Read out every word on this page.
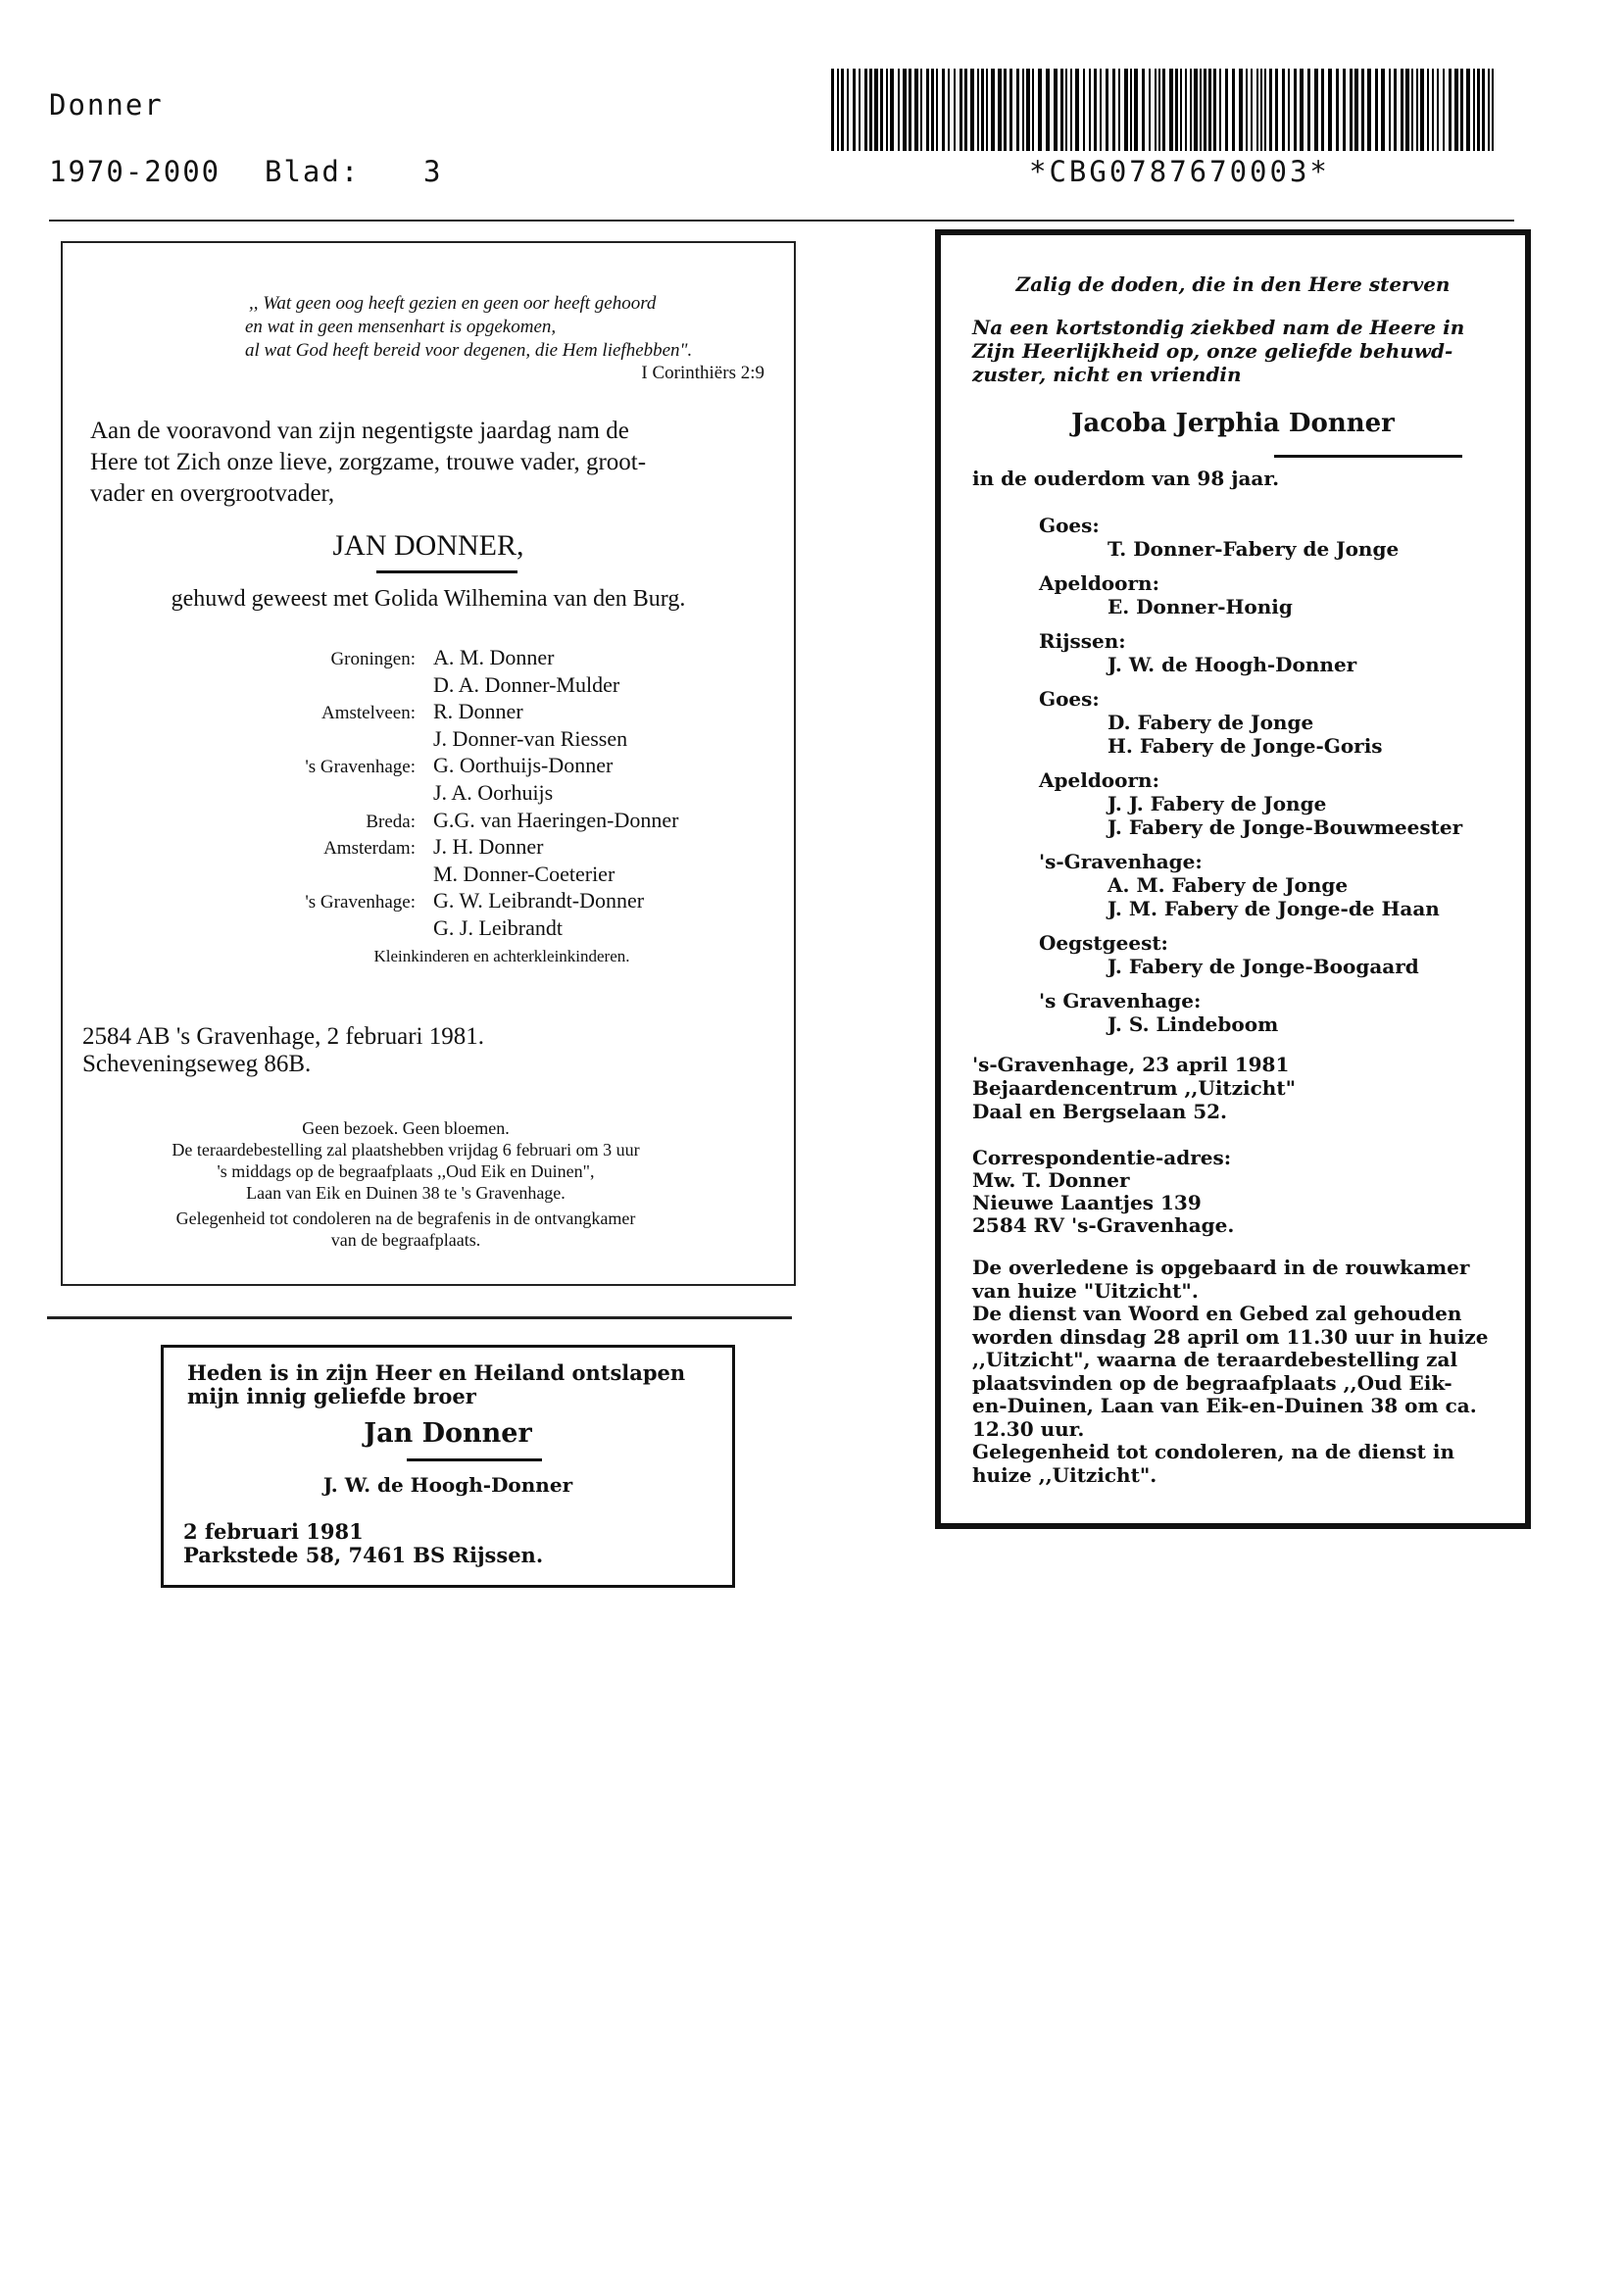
Donner
1970-2000 Blad: 3	*CBG0787670003*
,, Wat geen oog heeft gezien en geen oor heeft gehoord
en wat in geen mensenhart is opgekomen,
al wat God heeft bereid voor degenen, die Hem liefhebben".
I Corinthiërs 2:9
Aan de vooravond van zijn negentigste jaardag nam de
Here tot Zich onze lieve, zorgzame, trouwe vader, groot-
vader en overgrootvader,
JAN DONNER,
gehuwd geweest met Golida Wilhemina van den Burg.
Groningen: A. M. Donner
D. A. Donner-Mulder
Amstelveen: R. Donner
J. Donner-van Riessen
's Gravenhage: G. Oorthuijs-Donner
J. A. Oorhuijs
Breda: G.G. van Haeringen-Donner
Amsterdam: J. H. Donner
M. Donner-Coeterier
's Gravenhage: G. W. Leibrandt-Donner
G. J. Leibrandt
Kleinkinderen en achterkleinkinderen.
2584 AB 's Gravenhage, 2 februari 1981.
Scheveningseweg 86B.
Geen bezoek. Geen bloemen.
De teraardebestelling zal plaatshebben vrijdag 6 februari om 3 uur
's middags op de begraafplaats ,,Oud Eik en Duinen",
Laan van Eik en Duinen 38 te 's Gravenhage.
Gelegenheid tot condoleren na de begrafenis in de ontvangkamer
van de begraafplaats.
Heden is in zijn Heer en Heiland ontslapen
mijn innig geliefde broer
Jan Donner
J. W. de Hoogh-Donner
2 februari 1981
Parkstede 58, 7461 BS Rijssen.
Zalig de doden, die in den Here sterven
Na een kortstondig ziekbed nam de Heere in
Zijn Heerlijkheid op, onze geliefde behuwd-
zuster, nicht en vriendin
Jacoba Jerphia Donner
in de ouderdom van 98 jaar.
Goes:
T. Donner-Fabery de Jonge
Apeldoorn:
E. Donner-Honig
Rijssen:
J. W. de Hoogh-Donner
Goes:
D. Fabery de Jonge
H. Fabery de Jonge-Goris
Apeldoorn:
J. J. Fabery de Jonge
J. Fabery de Jonge-Bouwmeester
's-Gravenhage:
A. M. Fabery de Jonge
J. M. Fabery de Jonge-de Haan
Oegstgeest:
J. Fabery de Jonge-Boogaard
's Gravenhage:
J. S. Lindeboom
's-Gravenhage, 23 april 1981
Bejaardencentrum ,,Uitzicht"
Daal en Bergselaan 52.
Correspondentie-adres:
Mw. T. Donner
Nieuwe Laantjes 139
2584 RV 's-Gravenhage.
De overledene is opgebaard in de rouwkamer
van huize "Uitzicht".
De dienst van Woord en Gebed zal gehouden
worden dinsdag 28 april om 11.30 uur in huize
,,Uitzicht", waarna de teraardebestelling zal
plaatsvinden op de begraafplaats ,,Oud Eik-
en-Duinen, Laan van Eik-en-Duinen 38 om ca.
12.30 uur.
Gelegenheid tot condoleren, na de dienst in
huize ,,Uitzicht".
